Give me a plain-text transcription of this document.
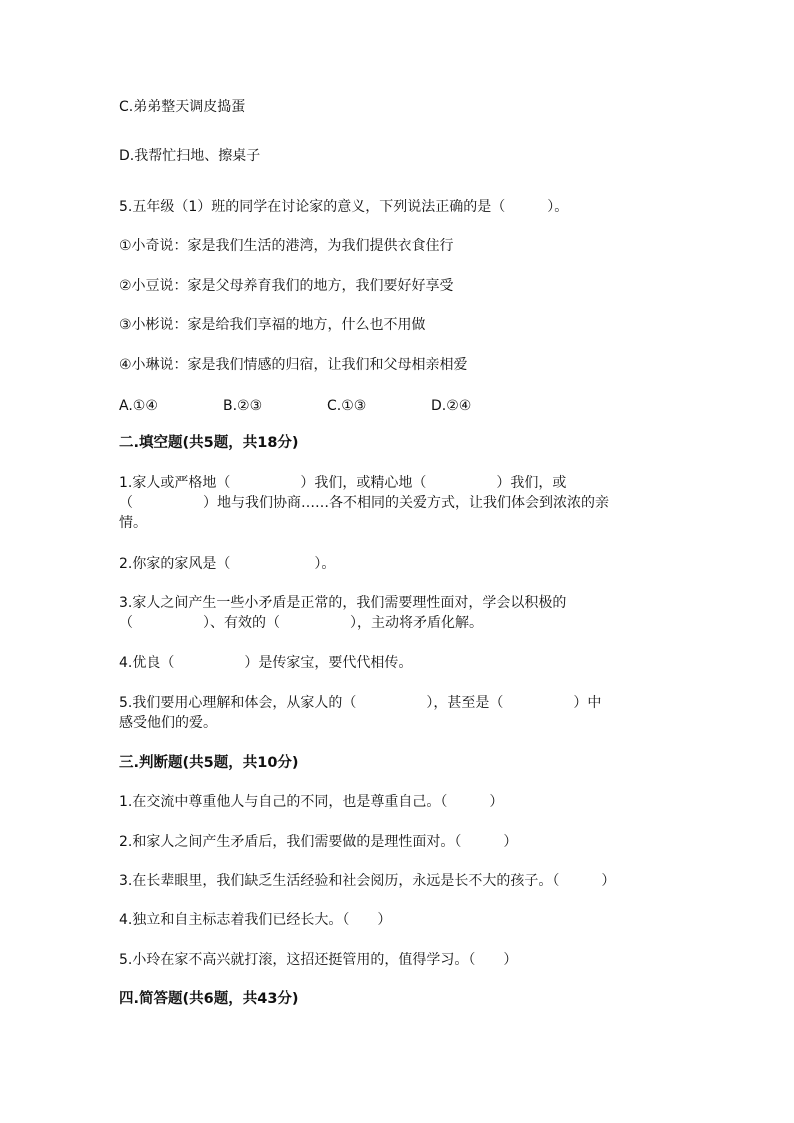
C.弟弟整天调皮捣蛋
D.我帮忙扫地、擦桌子
5.五年级（1）班的同学在讨论家的意义，下列说法正确的是（　　　）。
①小奇说：家是我们生活的港湾，为我们提供衣食住行
②小豆说：家是父母养育我们的地方，我们要好好享受
③小彬说：家是给我们享福的地方，什么也不用做
④小琳说：家是我们情感的归宿，让我们和父母相亲相爱
A.①④	B.②③	C.①③	D.②④
二.填空题(共5题，共18分)
1.家人或严格地（　　　　　）我们，或精心地（　　　　　）我们，或
（　　　　　）地与我们协商……各不相同的关爱方式，让我们体会到浓浓的亲
情。
2.你家的家风是（　　　　　　）。
3.家人之间产生一些小矛盾是正常的，我们需要理性面对，学会以积极的
（　　　　　）、有效的（　　　　　），主动将矛盾化解。
4.优良（　　　　　）是传家宝，要代代相传。
5.我们要用心理解和体会，从家人的（　　　　　），甚至是（　　　　　）中
感受他们的爱。
三.判断题(共5题，共10分)
1.在交流中尊重他人与自己的不同，也是尊重自己。（　　　）
2.和家人之间产生矛盾后，我们需要做的是理性面对。（　　　）
3.在长辈眼里，我们缺乏生活经验和社会阅历，永远是长不大的孩子。（　　　）
4.独立和自主标志着我们已经长大。（　　）
5.小玲在家不高兴就打滚，这招还挺管用的，值得学习。（　　）
四.简答题(共6题，共43分)
